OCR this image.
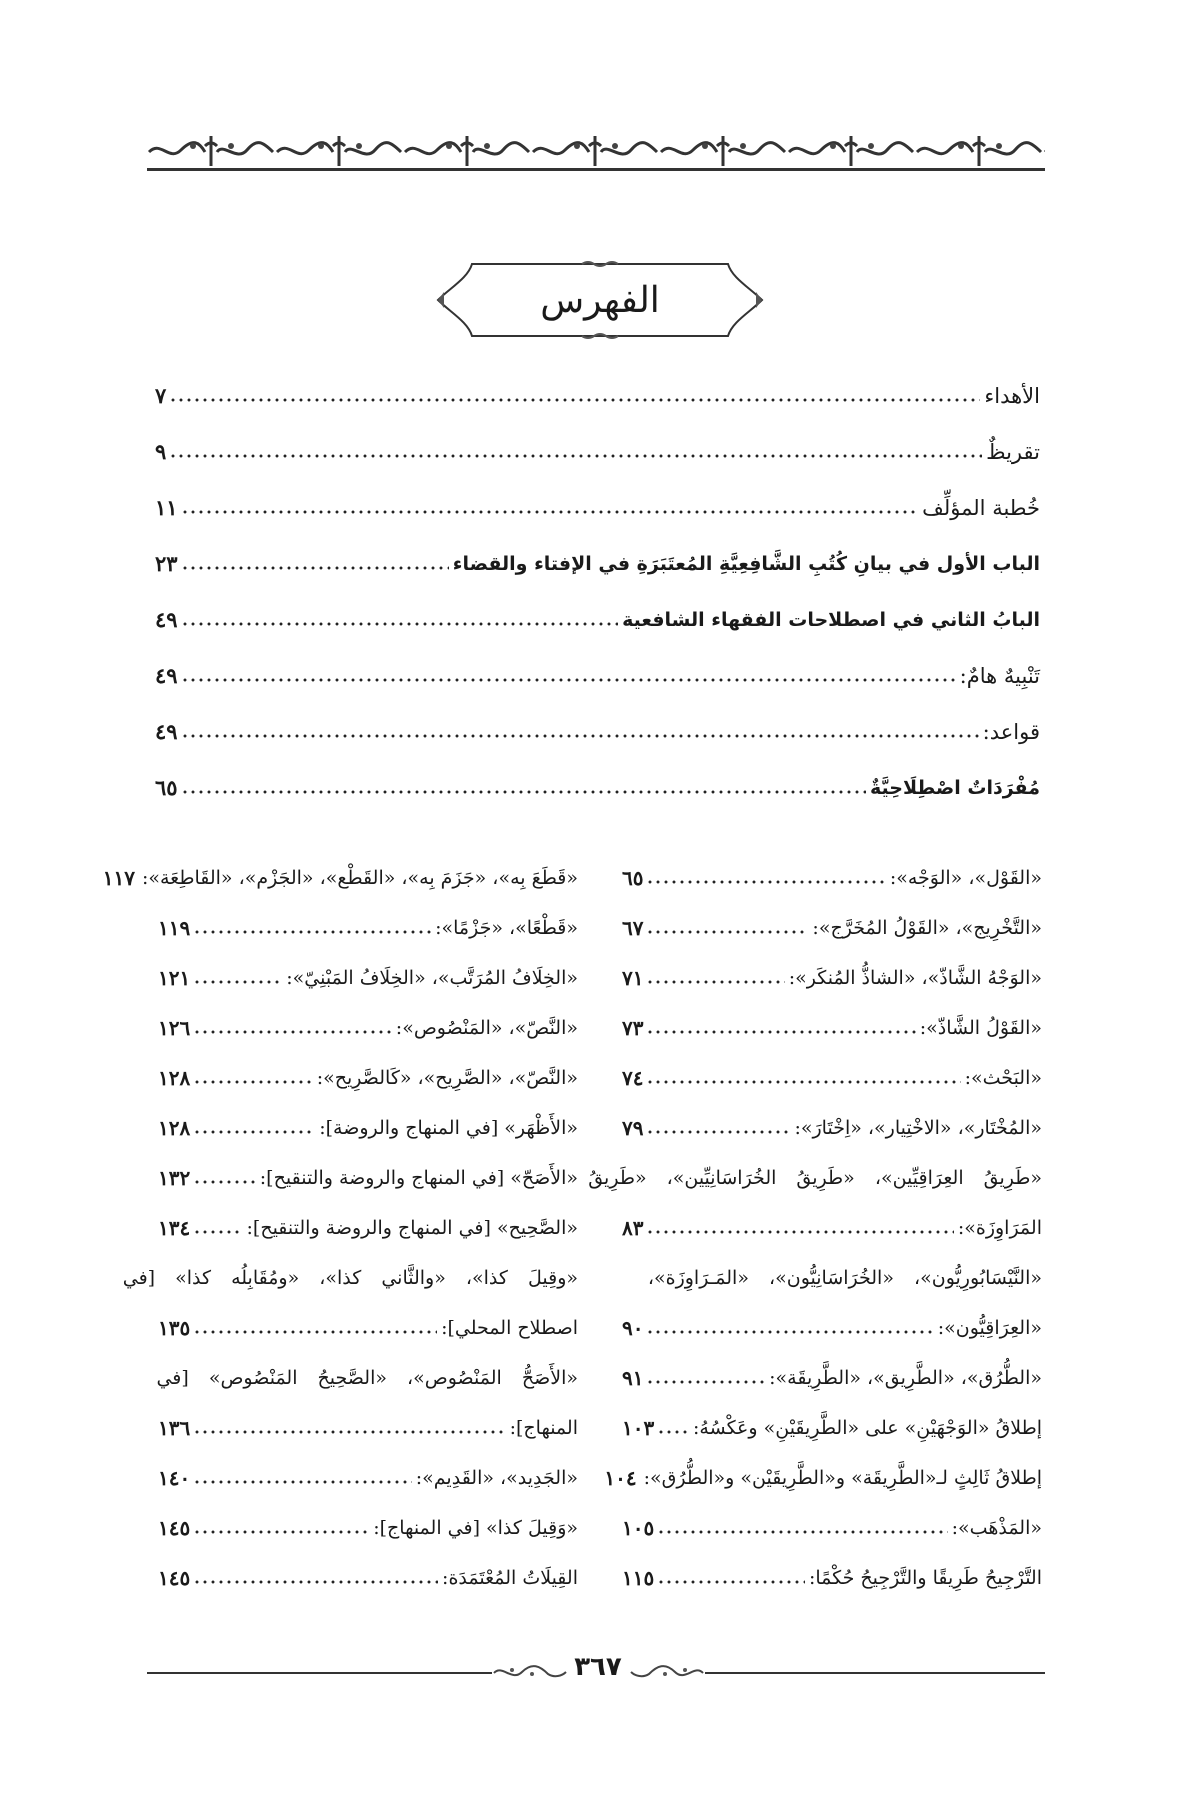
الفهرس
الأهداء
٧
تقريظٌ
٩
خُطبة المؤلِّف
١١
الباب الأول في بيانِ كُتُبِ الشَّافِعِيَّةِ المُعتَبَرَةِ في الإفتاء والقضاء
٢٣
البابُ الثاني في اصطلاحات الفقهاء الشافعية
٤٩
تَنْبِيهٌ هامٌ:
٤٩
قواعد:
٤٩
مُفْرَدَاتٌ اصْطِلَاحِيَّةٌ
٦٥
«القَوْل»، «الوَجْه»:
٦٥
«التَّخْرِيج»، «القَوْلُ المُخَرَّج»:
٦٧
«الوَجْهُ الشَّاذّ»، «الشاذُّ المُنكَر»:
٧١
«القَوْلُ الشَّاذّ»:
٧٣
«البَحْث»:
٧٤
«المُخْتَار»، «الاخْتِيار»، «اِخْتَارَ»:
٧٩
«طَرِيقُ العِرَاقِيِّين»، «طَرِيقُ الخُرَاسَانِيِّين»، «طَرِيقُ
المَرَاوِزَة»:
٨٣
«النَّيْسَابُورِيُّون»، «الخُرَاسَانِيُّون»، «المَـرَاوِزَة»،
«العِرَاقِيُّون»:
٩٠
«الطُّرُق»، «الطَّرِيق»، «الطَّرِيقَة»:
٩١
إطلاقُ «الوَجْهَيْنِ» على «الطَّرِيقَيْنِ» وعَكْسُهُ:
١٠٣
إطلاقُ ثَالِثٍ لـ«الطَّرِيقَة» و«الطَّرِيقَيْن» و«الطُّرُق»:
١٠٤
«المَذْهَب»:
١٠٥
التَّرْجِيحُ طَرِيقًا والتَّرْجِيحُ حُكْمًا:
١١٥
«قَطَعَ بِه»، «جَزَمَ بِه»، «القَطْع»، «الجَزْم»، «القَاطِعَة»:
١١٧
«قَطْعًا»، «جَزْمًا»:
١١٩
«الخِلَافُ المُرَتَّب»، «الخِلَافُ المَبْنِيّ»:
١٢١
«النَّصّ»، «المَنْصُوص»:
١٢٦
«النَّصّ»، «الصَّرِيح»، «كَالصَّرِيح»:
١٢٨
«الأَظْهَر» [في المنهاج والروضة]:
١٢٨
«الأَصَحّ» [في المنهاج والروضة والتنقيح]:
١٣٢
«الصَّحِيح» [في المنهاج والروضة والتنقيح]:
١٣٤
«وقِيلَ كذا»، «والثَّاني كذا»، «ومُقَابِلُه كذا» [في
اصطلاح المحلي]:
١٣٥
«الأَصَحُّ المَنْصُوص»، «الصَّحِيحُ المَنْصُوص» [في
المنهاج]:
١٣٦
«الجَدِيد»، «القَدِيم»:
١٤٠
«وَقِيلَ كذا» [في المنهاج]:
١٤٥
القِيلَاتُ المُعْتَمَدَة:
١٤٥
٣٦٧
